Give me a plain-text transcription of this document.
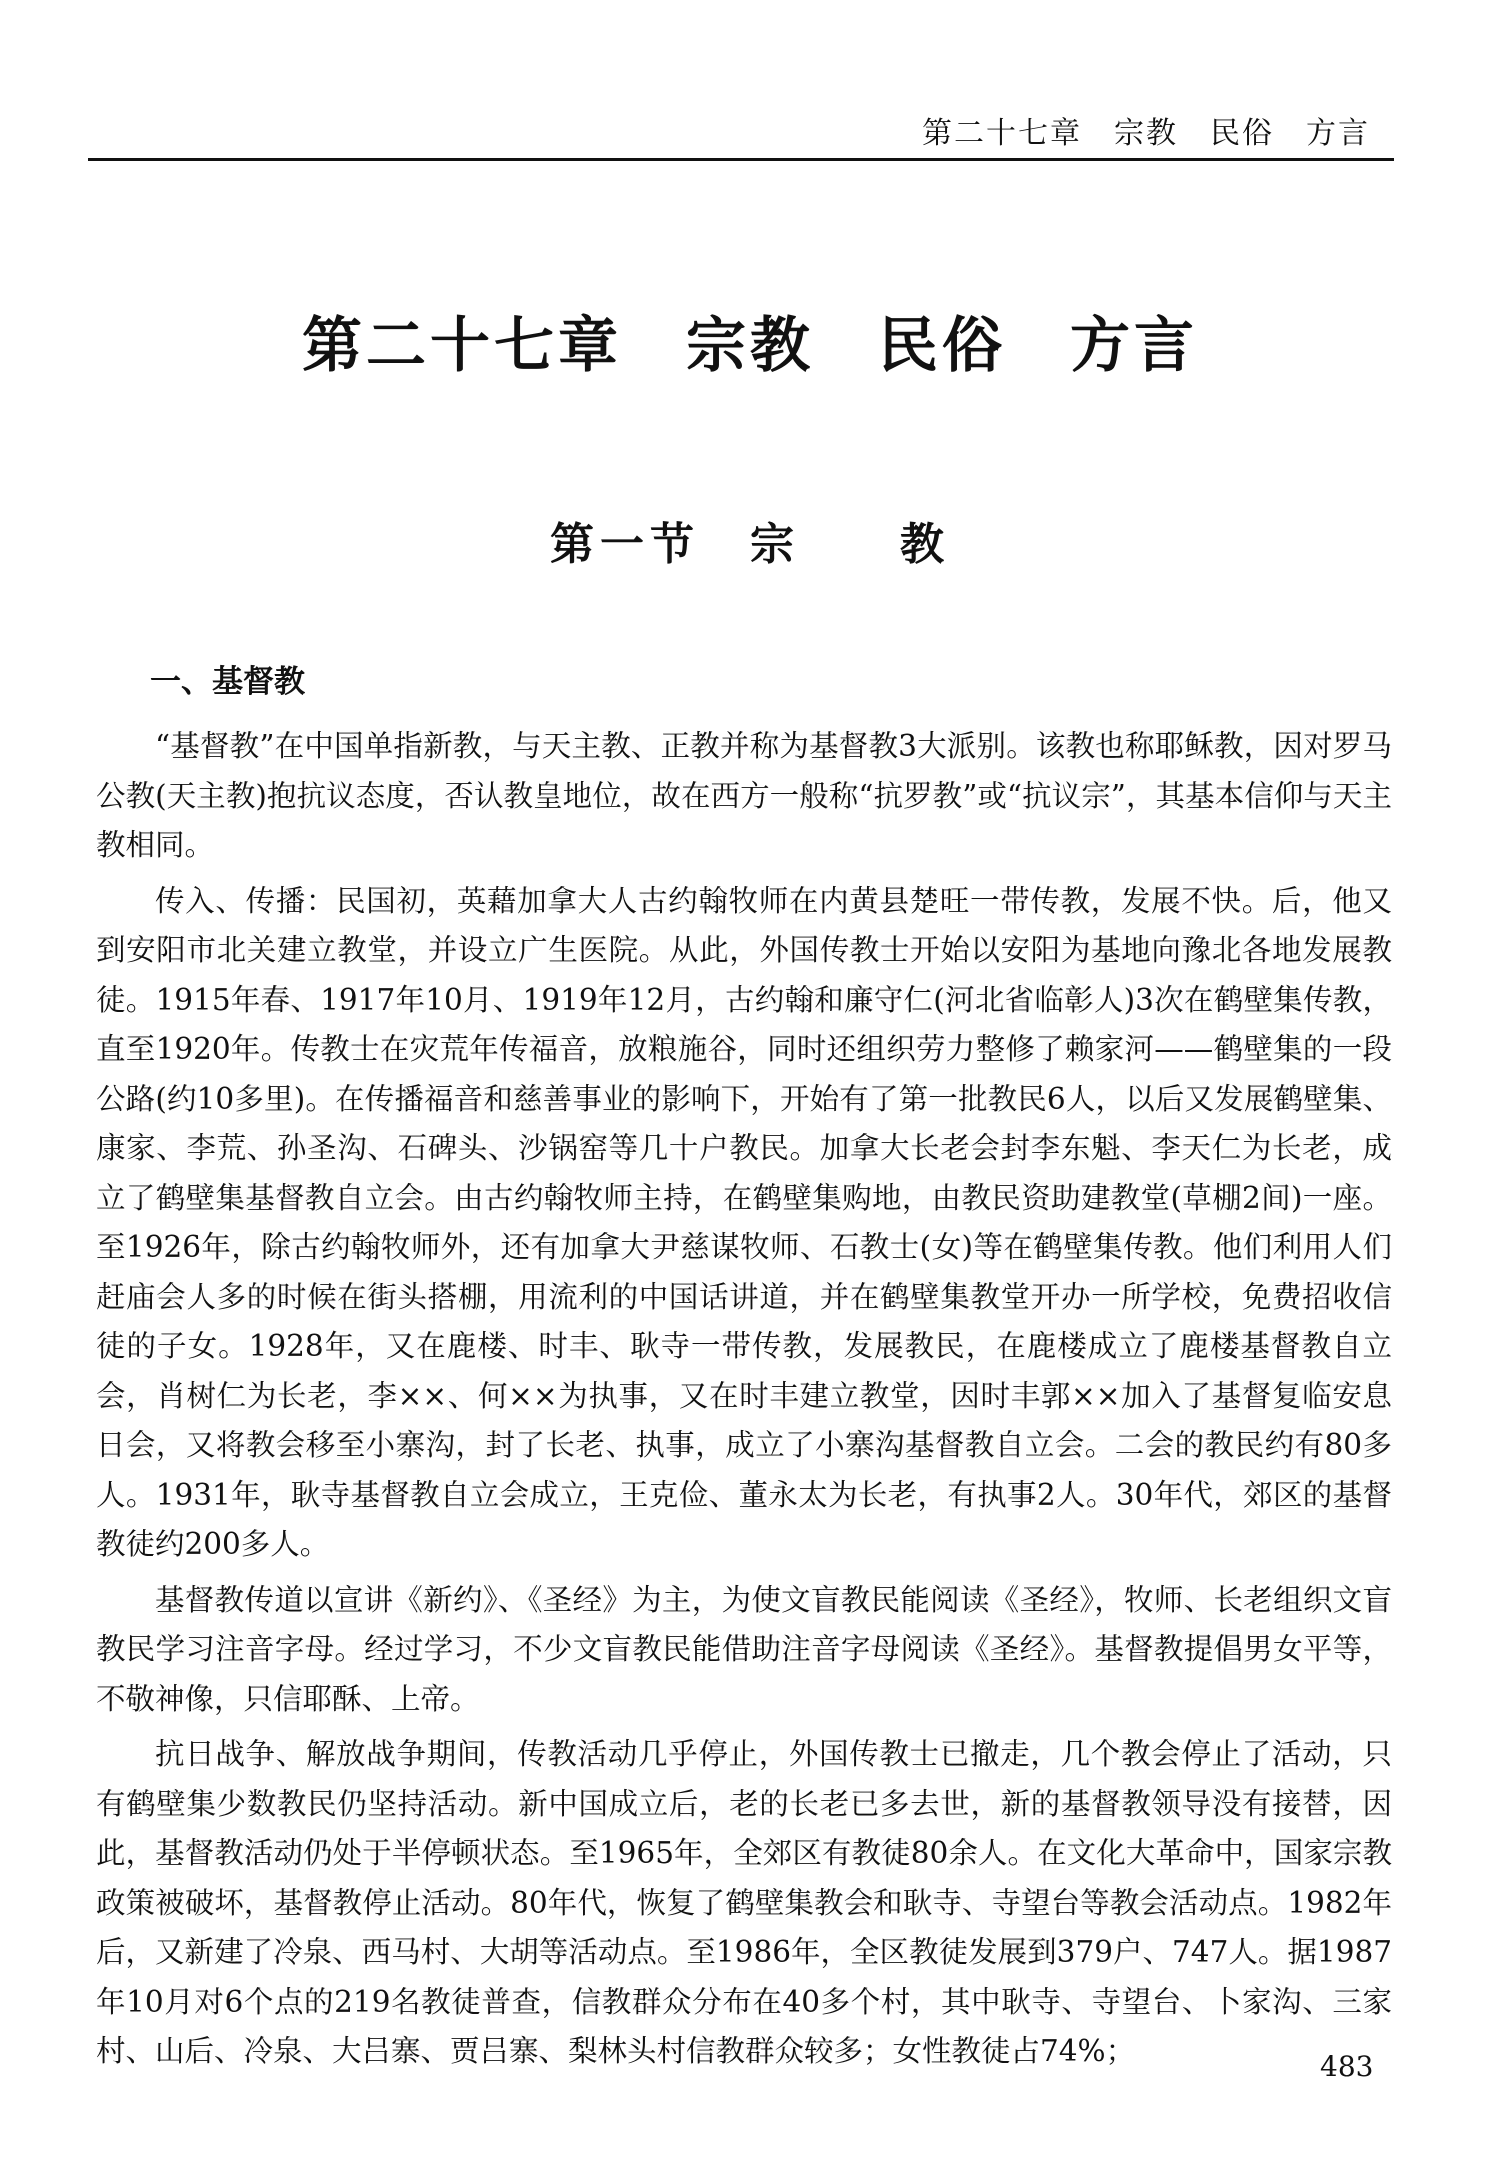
第二十七章　宗教　民俗　方言
第二十七章　宗教　民俗　方言
第一节　宗　　教
一、基督教

“基督教”在中国单指新教，与天主教、正教并称为基督教3大派别。该教也称耶稣教，因对罗马公教(天主教)抱抗议态度，否认教皇地位，故在西方一般称“抗罗教”或“抗议宗”，其基本信仰与天主教相同。

传入、传播：民国初，英藉加拿大人古约翰牧师在内黄县楚旺一带传教，发展不快。后，他又到安阳市北关建立教堂，并设立广生医院。从此，外国传教士开始以安阳为基地向豫北各地发展教徒。1915年春、1917年10月、1919年12月，古约翰和廉守仁(河北省临彰人)3次在鹤壁集传教，直至1920年。传教士在灾荒年传福音，放粮施谷，同时还组织劳力整修了赖家河——鹤壁集的一段公路(约10多里)。在传播福音和慈善事业的影响下，开始有了第一批教民6人，以后又发展鹤壁集、康家、李荒、孙圣沟、石碑头、沙锅窑等几十户教民。加拿大长老会封李东魁、李天仁为长老，成立了鹤壁集基督教自立会。由古约翰牧师主持，在鹤壁集购地，由教民资助建教堂(草棚2间)一座。至1926年，除古约翰牧师外，还有加拿大尹慈谋牧师、石教士(女)等在鹤壁集传教。他们利用人们赶庙会人多的时候在街头搭棚，用流利的中国话讲道，并在鹤壁集教堂开办一所学校，免费招收信徒的子女。1928年，又在鹿楼、时丰、耿寺一带传教，发展教民，在鹿楼成立了鹿楼基督教自立会，肖树仁为长老，李××、何××为执事，又在时丰建立教堂，因时丰郭××加入了基督复临安息日会，又将教会移至小寨沟，封了长老、执事，成立了小寨沟基督教自立会。二会的教民约有80多人。1931年，耿寺基督教自立会成立，王克俭、董永太为长老，有执事2人。30年代，郊区的基督教徒约200多人。

基督教传道以宣讲《新约》、《圣经》为主，为使文盲教民能阅读《圣经》，牧师、长老组织文盲教民学习注音字母。经过学习，不少文盲教民能借助注音字母阅读《圣经》。基督教提倡男女平等，不敬神像，只信耶酥、上帝。

抗日战争、解放战争期间，传教活动几乎停止，外国传教士已撤走，几个教会停止了活动，只有鹤壁集少数教民仍坚持活动。新中国成立后，老的长老已多去世，新的基督教领导没有接替，因此，基督教活动仍处于半停顿状态。至1965年，全郊区有教徒80余人。在文化大革命中，国家宗教政策被破坏，基督教停止活动。80年代，恢复了鹤壁集教会和耿寺、寺望台等教会活动点。1982年后，又新建了冷泉、西马村、大胡等活动点。至1986年，全区教徒发展到379户、747人。据1987年10月对6个点的219名教徒普查，信教群众分布在40多个村，其中耿寺、寺望台、卜家沟、三家村、山后、冷泉、大吕寨、贾吕寨、梨林头村信教群众较多；女性教徒占74%；	483
